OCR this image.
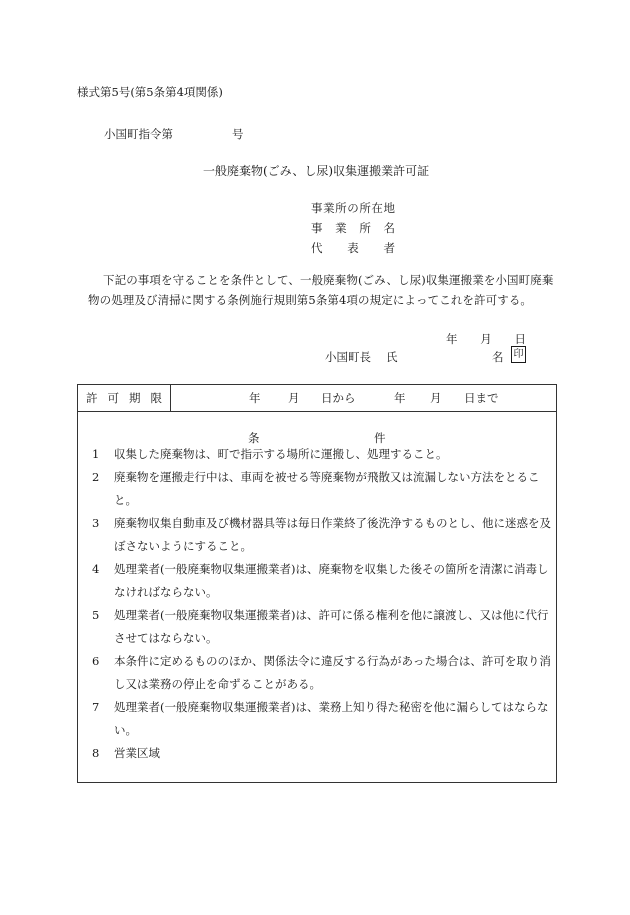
様式第5号(第5条第4項関係)
小国町指令第	号
一般廃棄物(ごみ、し尿)収集運搬業許可証
事 業 所 の 所 在 地
事 業 所 名
代 表 者
下記の事項を守ることを条件として、一般廃棄物(ごみ、し尿)収集運搬業を小国町廃棄物の処理及び清掃に関する条例施行規則第5条第4項の規定によってこれを許可する。
年 月 日
小国町長 氏	名 印
許 可 期 限	年 月 日から	年 月 日まで
条	件
1	収集した廃棄物は、町で指示する場所に運搬し、処理すること。
2	廃棄物を運搬走行中は、車両を被せる等廃棄物が飛散又は流漏しない方法をとること。
3	廃棄物収集自動車及び機材器具等は毎日作業終了後洗浄するものとし、他に迷惑を及ぼさないようにすること。
4	処理業者(一般廃棄物収集運搬業者)は、廃棄物を収集した後その箇所を清潔に消毒しなければならない。
5	処理業者(一般廃棄物収集運搬業者)は、許可に係る権利を他に譲渡し、又は他に代行させてはならない。
6	本条件に定めるもののほか、関係法令に違反する行為があった場合は、許可を取り消し又は業務の停止を命ずることがある。
7	処理業者(一般廃棄物収集運搬業者)は、業務上知り得た秘密を他に漏らしてはならない。
8	営業区域
